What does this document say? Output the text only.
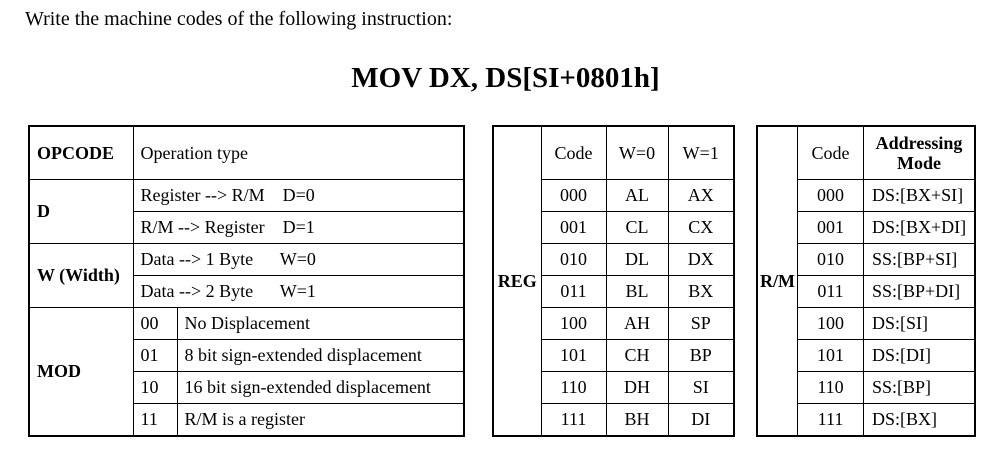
Write the machine codes of the following instruction:
MOV DX, DS[SI+0801h]
OPCODE	Operation type	
D	Register --> R/M    D=0	
	R/M --> Register    D=1	
W (Width)	Data --> 1 Byte      W=0	
	Data --> 2 Byte      W=1	
MOD	00	No Displacement
	01	8 bit sign-extended displacement
	10	16 bit sign-extended displacement
	11	R/M is a register
REG	Code	W=0	W=1
	000	AL	AX
	001	CL	CX
	010	DL	DX
	011	BL	BX
	100	AH	SP
	101	CH	BP
	110	DH	SI
	111	BH	DI
R/M	Code	Addressing Mode
	000	DS:[BX+SI]
	001	DS:[BX+DI]
	010	SS:[BP+SI]
	011	SS:[BP+DI]
	100	DS:[SI]
	101	DS:[DI]
	110	SS:[BP]
	111	DS:[BX]
